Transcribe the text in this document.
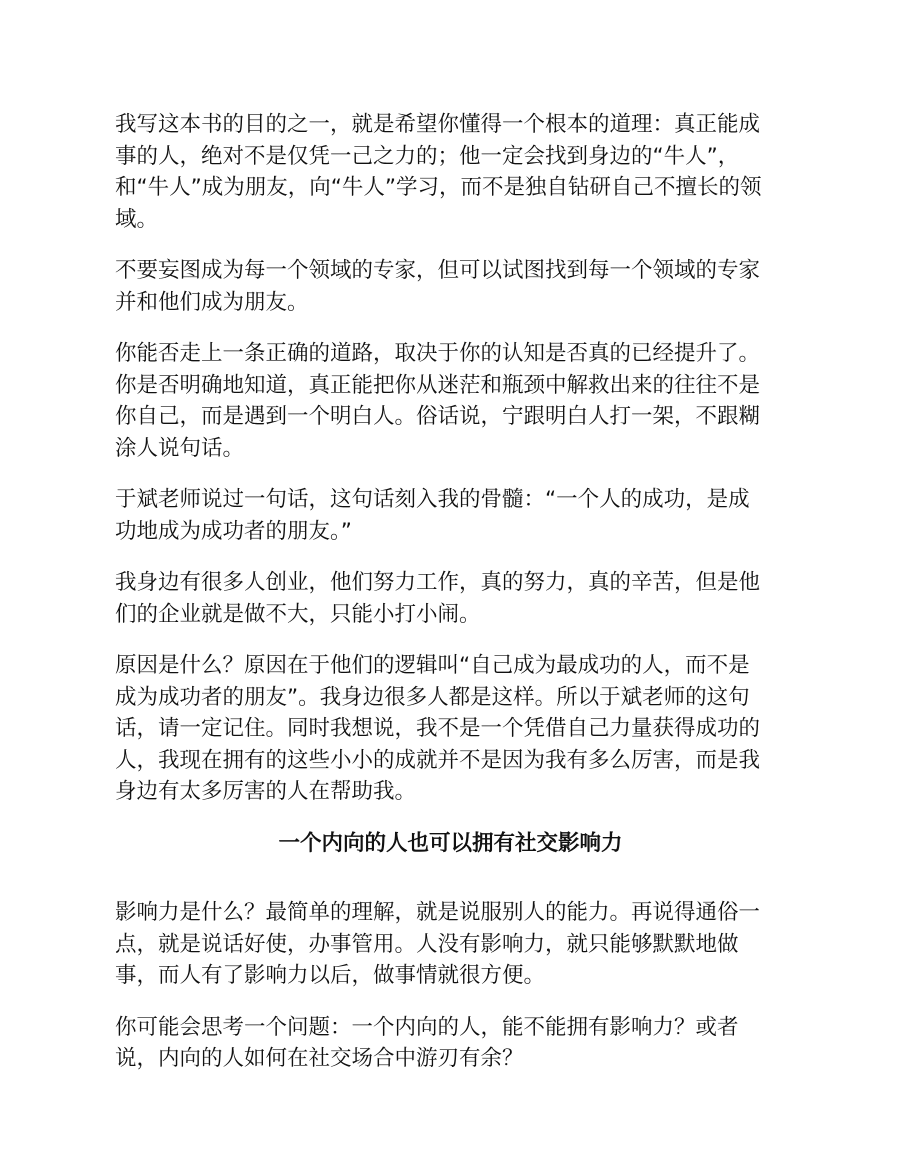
我写这本书的目的之一，就是希望你懂得一个根本的道理：真正能成
事的人，绝对不是仅凭一己之力的；他一定会找到身边的“牛人”，
和“牛人”成为朋友，向“牛人”学习，而不是独自钻研自己不擅长的领
域。
不要妄图成为每一个领域的专家，但可以试图找到每一个领域的专家
并和他们成为朋友。
你能否走上一条正确的道路，取决于你的认知是否真的已经提升了。
你是否明确地知道，真正能把你从迷茫和瓶颈中解救出来的往往不是
你自己，而是遇到一个明白人。俗话说，宁跟明白人打一架，不跟糊
涂人说句话。
于斌老师说过一句话，这句话刻入我的骨髓：“一个人的成功，是成
功地成为成功者的朋友。”
我身边有很多人创业，他们努力工作，真的努力，真的辛苦，但是他
们的企业就是做不大，只能小打小闹。
原因是什么？原因在于他们的逻辑叫“自己成为最成功的人，而不是
成为成功者的朋友”。我身边很多人都是这样。所以于斌老师的这句
话，请一定记住。同时我想说，我不是一个凭借自己力量获得成功的
人，我现在拥有的这些小小的成就并不是因为我有多么厉害，而是我
身边有太多厉害的人在帮助我。
一个内向的人也可以拥有社交影响力
影响力是什么？最简单的理解，就是说服别人的能力。再说得通俗一
点，就是说话好使，办事管用。人没有影响力，就只能够默默地做
事，而人有了影响力以后，做事情就很方便。
你可能会思考一个问题：一个内向的人，能不能拥有影响力？或者
说，内向的人如何在社交场合中游刃有余？
